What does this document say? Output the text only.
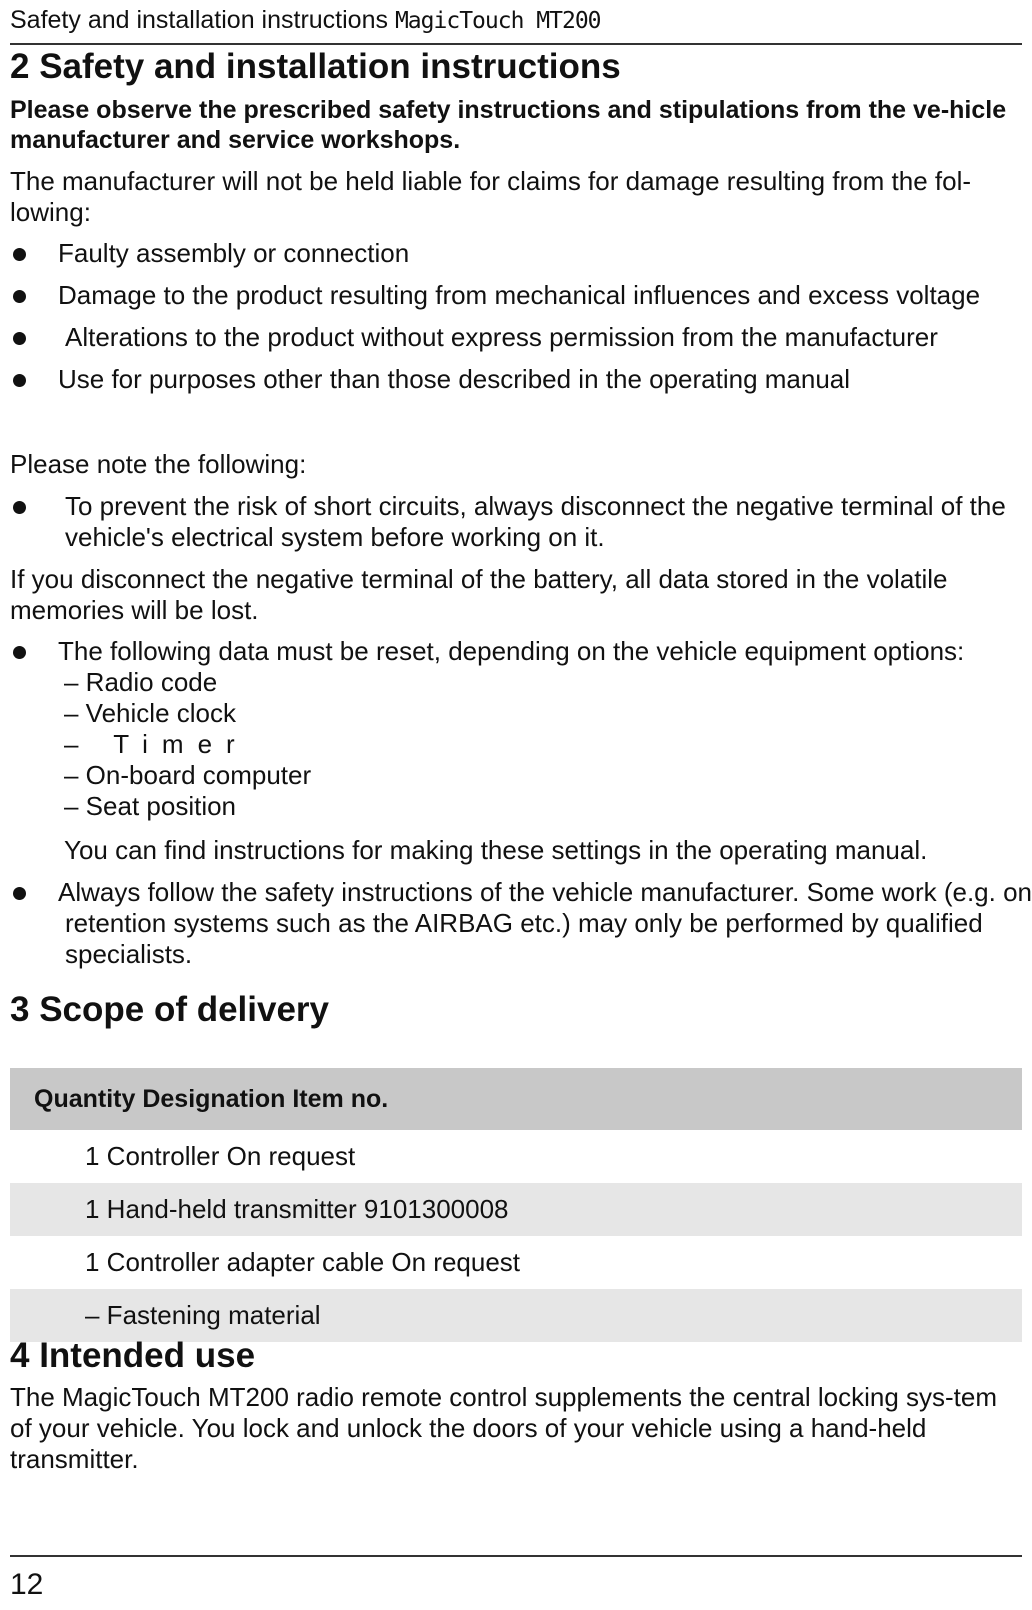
Safety and installation instructions MagicTouch MT200
2 Safety and installation instructions
Please observe the prescribed safety instructions and stipulations from the ve-hicle manufacturer and service workshops.
The manufacturer will not be held liable for claims for damage resulting from the fol-lowing:
Faulty assembly or connection
Damage to the product resulting from mechanical influences and excess voltage
Alterations to the product without express permission from the manufacturer
Use for purposes other than those described in the operating manual
Please note the following:
To prevent the risk of short circuits, always disconnect the negative terminal of the vehicle's electrical system before working on it.
If you disconnect the negative terminal of the battery, all data stored in the volatile memories will be lost.
The following data must be reset, depending on the vehicle equipment options:
– Radio code
– Vehicle clock
– Timer
– On-board computer
– Seat position
You can find instructions for making these settings in the operating manual.
Always follow the safety instructions of the vehicle manufacturer. Some work (e.g. on retention systems such as the AIRBAG etc.) may only be performed by qualified specialists.
3 Scope of delivery
Quantity Designation Item no.
1 Controller On request
1 Hand-held transmitter 9101300008
1 Controller adapter cable On request
– Fastening material
4 Intended use
The MagicTouch MT200 radio remote control supplements the central locking sys-tem of your vehicle. You lock and unlock the doors of your vehicle using a hand-held transmitter.
12
